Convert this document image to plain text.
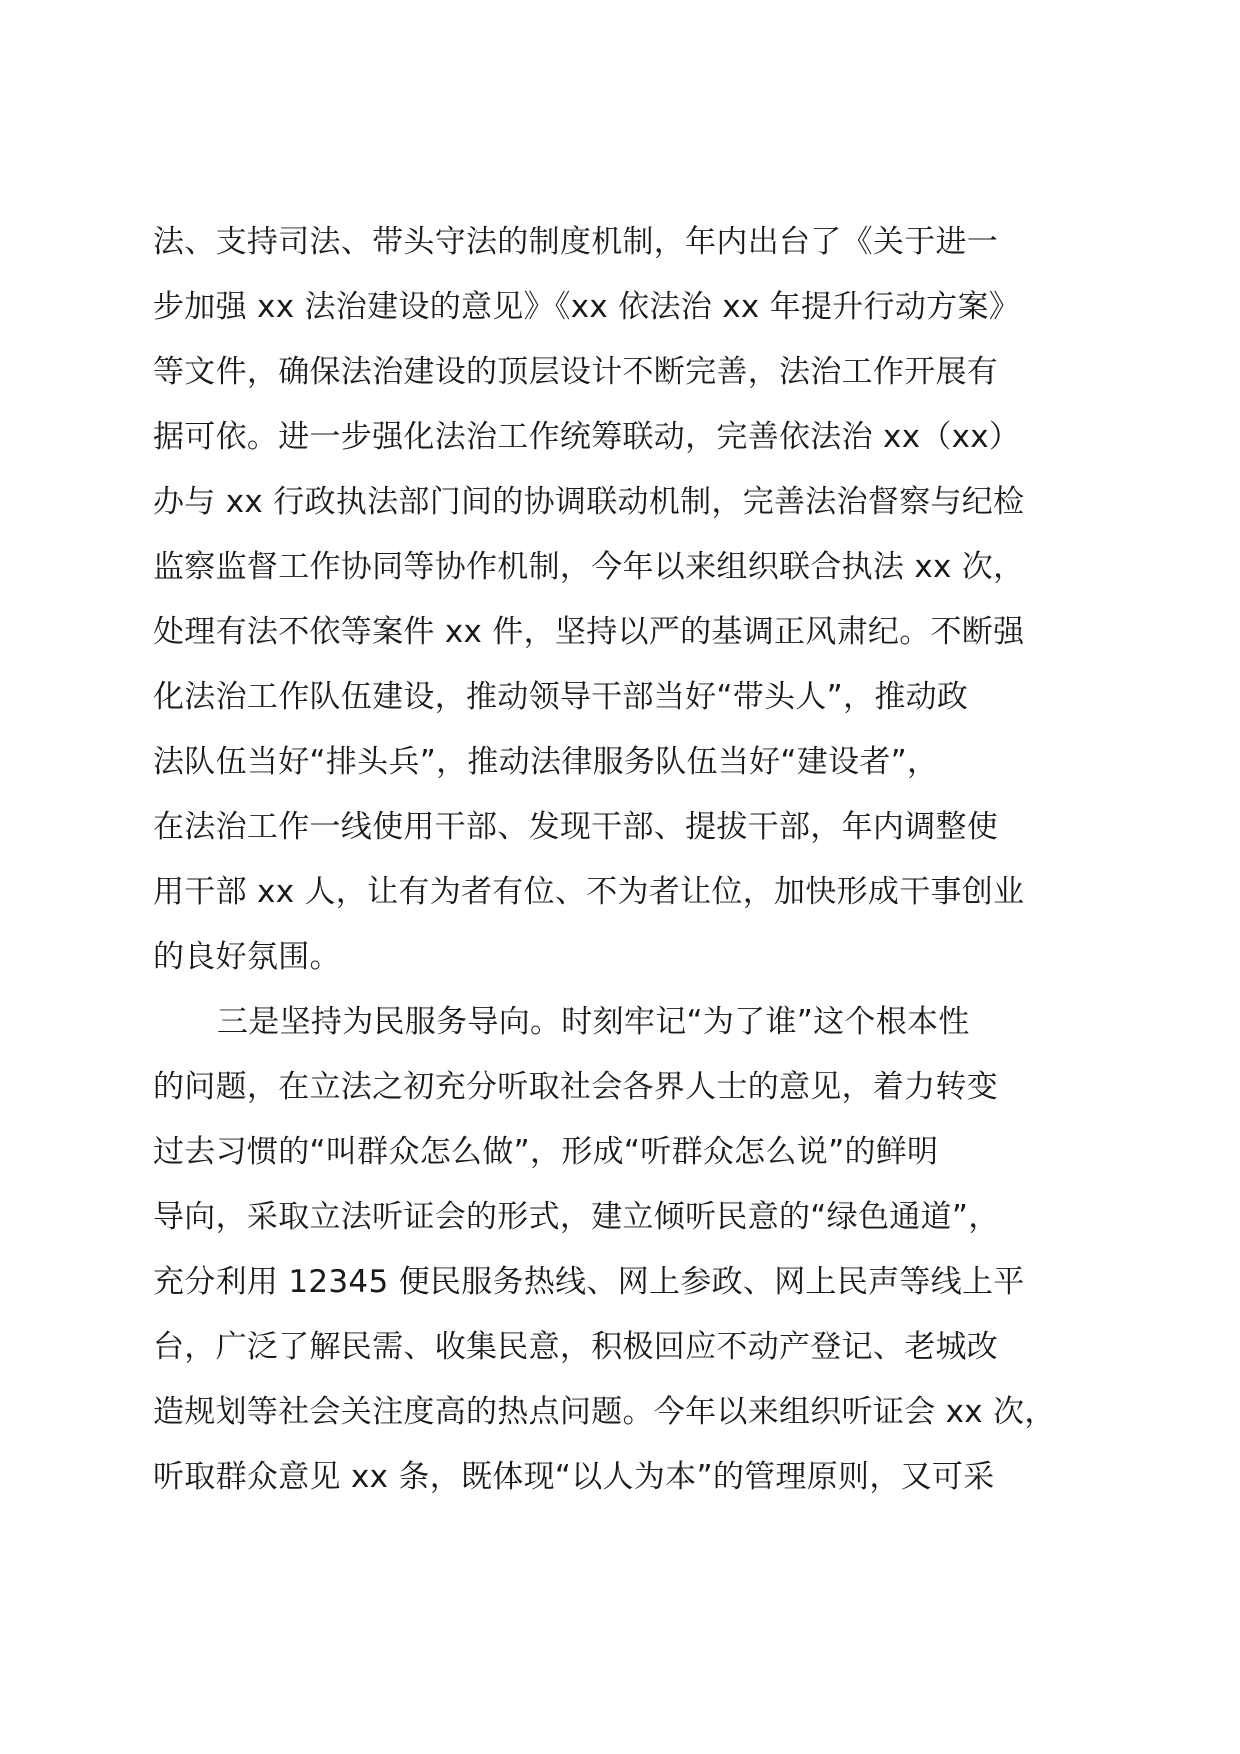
法、支持司法、带头守法的制度机制，年内出台了《关于进一
步加强 xx 法治建设的意见》《xx 依法治 xx 年提升行动方案》
等文件，确保法治建设的顶层设计不断完善，法治工作开展有
据可依。进一步强化法治工作统筹联动，完善依法治 xx（xx）
办与 xx 行政执法部门间的协调联动机制，完善法治督察与纪检
监察监督工作协同等协作机制，今年以来组织联合执法 xx 次，
处理有法不依等案件 xx 件，坚持以严的基调正风肃纪。不断强
化法治工作队伍建设，推动领导干部当好“带头人”，推动政
法队伍当好“排头兵”，推动法律服务队伍当好“建设者”，
在法治工作一线使用干部、发现干部、提拔干部，年内调整使
用干部 xx 人，让有为者有位、不为者让位，加快形成干事创业
的良好氛围。
三是坚持为民服务导向。时刻牢记“为了谁”这个根本性
的问题，在立法之初充分听取社会各界人士的意见，着力转变
过去习惯的“叫群众怎么做”，形成“听群众怎么说”的鲜明
导向，采取立法听证会的形式，建立倾听民意的“绿色通道”，
充分利用 12345 便民服务热线、网上参政、网上民声等线上平
台，广泛了解民需、收集民意，积极回应不动产登记、老城改
造规划等社会关注度高的热点问题。今年以来组织听证会 xx 次，
听取群众意见 xx 条，既体现“以人为本”的管理原则，又可采
